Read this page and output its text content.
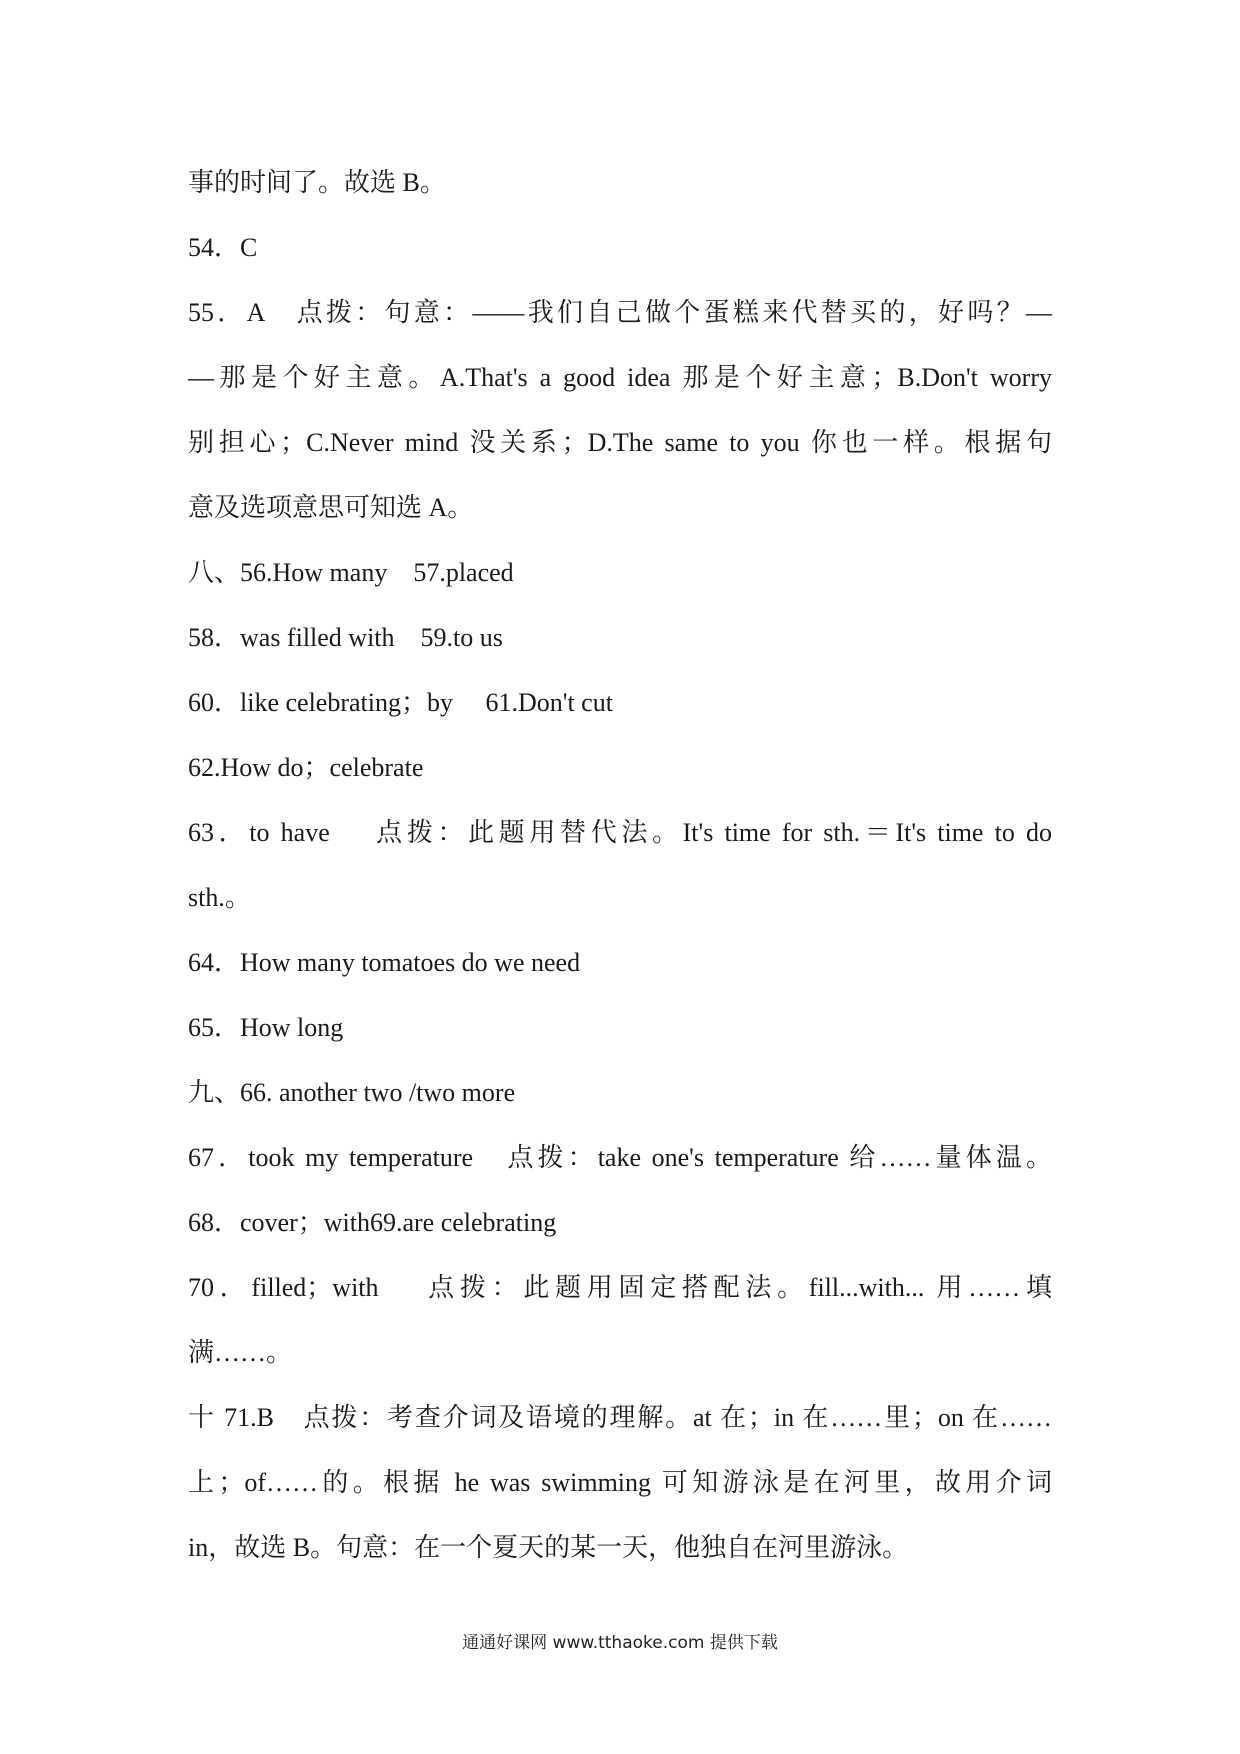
事的时间了。故选 B。
54．C
55．A　点拨：句意：——我们自己做个蛋糕来代替买的，好吗？—
—那是个好主意。A.That's a good idea 那是个好主意；B.Don't worry
别担心；C.Never mind 没关系；D.The same to you 你也一样。根据句
意及选项意思可知选 A。
八、56.How many　57.placed
58．was filled with　59.to us
60．like celebrating；by　 61.Don't cut
62.How do；celebrate
63．to have　 点拨：此题用替代法。It's time for sth.＝It's time to do
sth.。
64．How many tomatoes do we need
65．How long
九、66. another two /two more
67．took my temperature　点拨：take one's temperature 给……量体温。
68．cover；with69.are celebrating
70．filled；with　 点拨：此题用固定搭配法。fill...with... 用……填
满……。
十 71.B　点拨：考查介词及语境的理解。at 在；in 在……里；on 在……
上；of……的。根据 he was swimming 可知游泳是在河里，故用介词
in，故选 B。句意：在一个夏天的某一天，他独自在河里游泳。
通通好课网 www.tthaoke.com 提供下载
